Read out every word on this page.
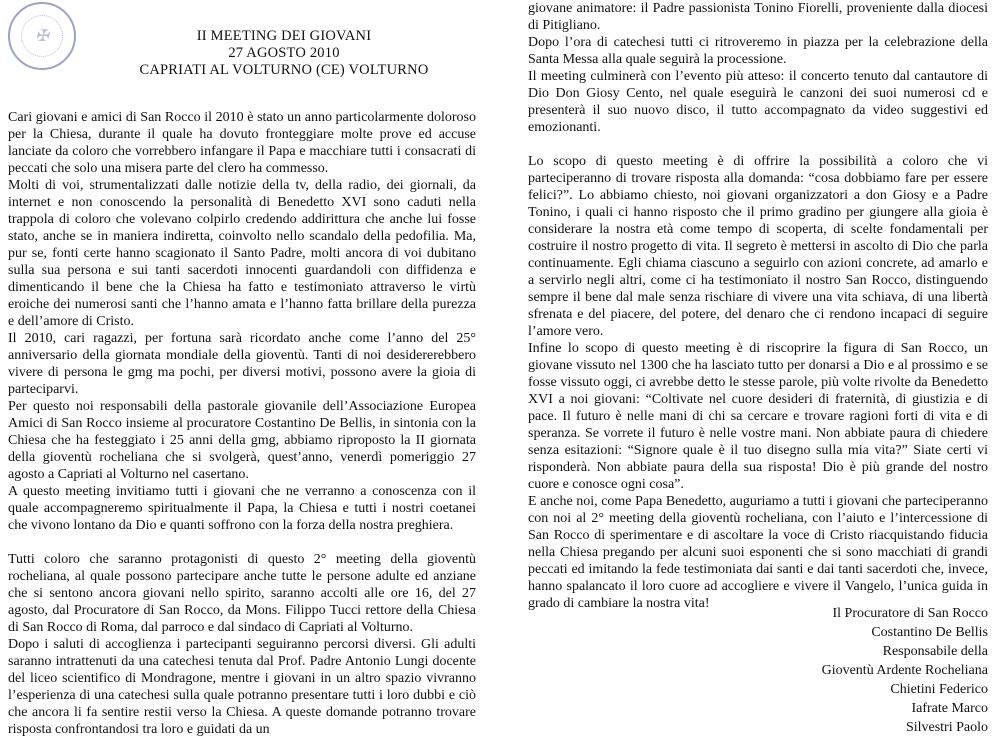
✠	II MEETING DEI GIOVANI
27 AGOSTO 2010
CAPRIATI AL VOLTURNO (CE) VOLTURNO

Cari giovani e amici di San Rocco il 2010 è stato un anno particolarmente doloroso per la Chiesa, durante il quale ha dovuto fronteggiare molte prove ed accuse lanciate da coloro che vorrebbero infangare il Papa e macchiare tutti i consacrati di peccati che solo una misera parte del clero ha commesso.

Molti di voi, strumentalizzati dalle notizie della tv, della radio, dei giornali, da internet e non conoscendo la personalità di Benedetto XVI sono caduti nella trappola di coloro che volevano colpirlo credendo addirittura che anche lui fosse stato, anche se in maniera indiretta, coinvolto nello scandalo della pedofilia. Ma, pur se, fonti certe hanno scagionato il Santo Padre, molti ancora di voi dubitano sulla sua persona e sui tanti sacerdoti innocenti guardandoli con diffidenza e dimenticando il bene che la Chiesa ha fatto e testimoniato attraverso le virtù eroiche dei numerosi santi che l’hanno amata e l’hanno fatta brillare della purezza e dell’amore di Cristo.

Il 2010, cari ragazzi, per fortuna sarà ricordato anche come l’anno del 25° anniversario della giornata mondiale della gioventù. Tanti di noi desidererebbero vivere di persona le gmg ma pochi, per diversi motivi, possono avere la gioia di parteciparvi.

Per questo noi responsabili della pastorale giovanile dell’Associazione Europea Amici di San Rocco insieme al procuratore Costantino De Bellis, in sintonia con la Chiesa che ha festeggiato i 25 anni della gmg, abbiamo riproposto la II giornata della gioventù rocheliana che si svolgerà, quest’anno, venerdì pomeriggio 27 agosto a Capriati al Volturno nel casertano.

A questo meeting invitiamo tutti i giovani che ne verranno a conoscenza con il quale accompagneremo spiritualmente il Papa, la Chiesa e tutti i nostri coetanei che vivono lontano da Dio e quanti soffrono con la forza della nostra preghiera.

Tutti coloro che saranno protagonisti di questo 2° meeting della gioventù rocheliana, al quale possono partecipare anche tutte le persone adulte ed anziane che si sentono ancora giovani nello spirito, saranno accolti alle ore 16, del 27 agosto, dal Procuratore di San Rocco, da Mons. Filippo Tucci rettore della Chiesa di San Rocco di Roma, dal parroco e dal sindaco di Capriati al Volturno.

Dopo i saluti di accoglienza i partecipanti seguiranno percorsi diversi. Gli adulti saranno intrattenuti da una catechesi tenuta dal Prof. Padre Antonio Lungi docente del liceo scientifico di Mondragone, mentre i giovani in un altro spazio vivranno l’esperienza di una catechesi sulla quale potranno presentare tutti i loro dubbi e ciò che ancora li fa sentire restii verso la Chiesa. A queste domande potranno trovare risposta confrontandosi tra loro e guidati da un

giovane animatore: il Padre passionista Tonino Fiorelli, proveniente dalla diocesi di Pitigliano.

Dopo l’ora di catechesi tutti ci ritroveremo in piazza per la celebrazione della Santa Messa alla quale seguirà la processione.

Il meeting culminerà con l’evento più atteso: il concerto tenuto dal cantautore di Dio Don Giosy Cento, nel quale eseguirà le canzoni dei suoi numerosi cd e presenterà il suo nuovo disco, il tutto accompagnato da video suggestivi ed emozionanti.

Lo scopo di questo meeting è di offrire la possibilità a coloro che vi parteciperanno di trovare risposta alla domanda: “cosa dobbiamo fare per essere felici?”. Lo abbiamo chiesto, noi giovani organizzatori a don Giosy e a Padre Tonino, i quali ci hanno risposto che il primo gradino per giungere alla gioia è considerare la nostra età come tempo di scoperta, di scelte fondamentali per costruire il nostro progetto di vita. Il segreto è mettersi in ascolto di Dio che parla continuamente. Egli chiama ciascuno a seguirlo con azioni concrete, ad amarlo e a servirlo negli altri, come ci ha testimoniato il nostro San Rocco, distinguendo sempre il bene dal male senza rischiare di vivere una vita schiava, di una libertà sfrenata e del piacere, del potere, del denaro che ci rendono incapaci di seguire l’amore vero.

Infine lo scopo di questo meeting è di riscoprire la figura di San Rocco, un giovane vissuto nel 1300 che ha lasciato tutto per donarsi a Dio e al prossimo e se fosse vissuto oggi, ci avrebbe detto le stesse parole, più volte rivolte da Benedetto XVI a noi giovani: “Coltivate nel cuore desideri di fraternità, di giustizia e di pace. Il futuro è nelle mani di chi sa cercare e trovare ragioni forti di vita e di speranza. Se vorrete il futuro è nelle vostre mani. Non abbiate paura di chiedere senza esitazioni: “Signore quale è il tuo disegno sulla mia vita?” Siate certi vi risponderà. Non abbiate paura della sua risposta! Dio è più grande del nostro cuore e conosce ogni cosa”.

E anche noi, come Papa Benedetto, auguriamo a tutti i giovani che parteciperanno con noi al 2° meeting della gioventù rocheliana, con l’aiuto e l’intercessione di San Rocco di sperimentare e di ascoltare la voce di Cristo riacquistando fiducia nella Chiesa pregando per alcuni suoi esponenti che si sono macchiati di grandi peccati ed imitando la fede testimoniata dai santi e dai tanti sacerdoti che, invece, hanno spalancato il loro cuore ad accogliere e vivere il Vangelo, l’unica guida in grado di cambiare la nostra vita!

Il Procuratore di San Rocco
Costantino De Bellis
Responsabile della
Gioventù Ardente Rocheliana
Chietini Federico
Iafrate Marco
Silvestri Paolo
